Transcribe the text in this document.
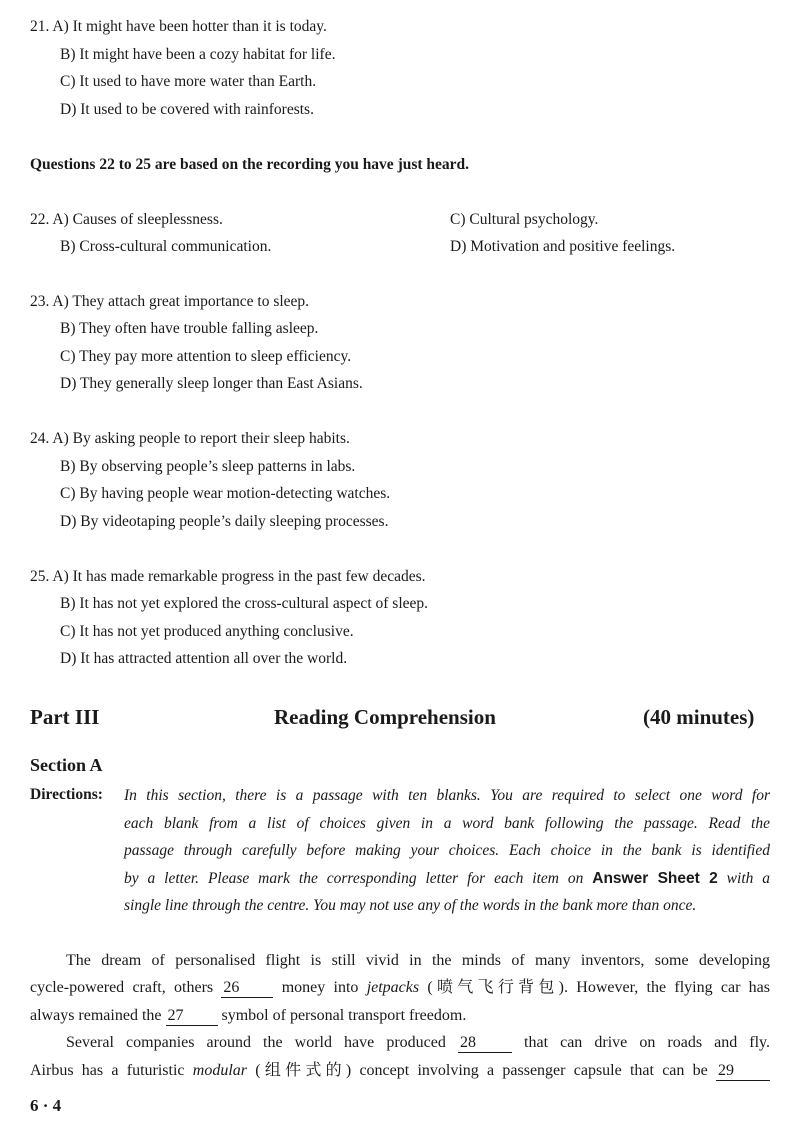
21. A) It might have been hotter than it is today.
B) It might have been a cozy habitat for life.
C) It used to have more water than Earth.
D) It used to be covered with rainforests.
Questions 22 to 25 are based on the recording you have just heard.
22. A) Causes of sleeplessness.
B) Cross-cultural communication.
C) Cultural psychology.
D) Motivation and positive feelings.
23. A) They attach great importance to sleep.
B) They often have trouble falling asleep.
C) They pay more attention to sleep efficiency.
D) They generally sleep longer than East Asians.
24. A) By asking people to report their sleep habits.
B) By observing people’s sleep patterns in labs.
C) By having people wear motion-detecting watches.
D) By videotaping people’s daily sleeping processes.
25. A) It has made remarkable progress in the past few decades.
B) It has not yet explored the cross-cultural aspect of sleep.
C) It has not yet produced anything conclusive.
D) It has attracted attention all over the world.
Part III	Reading Comprehension	(40 minutes)
Section A
Directions: In this section, there is a passage with ten blanks. You are required to select one word for
each blank from a list of choices given in a word bank following the passage. Read the
passage through carefully before making your choices. Each choice in the bank is identified
by a letter. Please mark the corresponding letter for each item on Answer Sheet 2 with a
single line through the centre. You may not use any of the words in the bank more than once.
The dream of personalised flight is still vivid in the minds of many inventors, some developing
cycle-powered craft, others 26	money into jetpacks (喷气飞行背包). However, the flying car has
always remained the 27 symbol of personal transport freedom.
Several companies around the world have produced 28	that can drive on roads and fly.
Airbus has a futuristic modular (组件式的) concept involving a passenger capsule that can be 29
6 · 4
